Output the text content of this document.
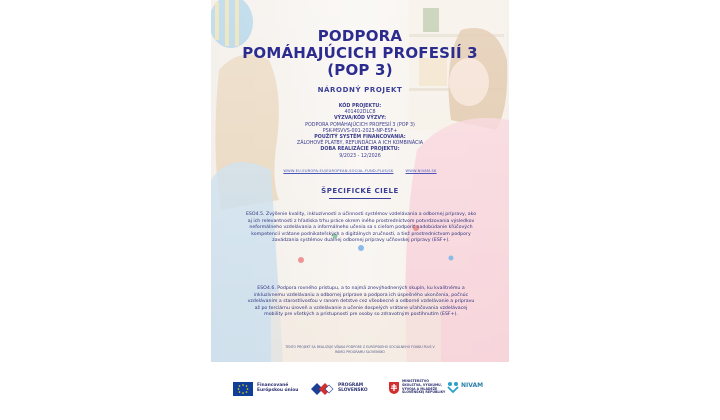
PODPORA
POMÁHAJÚCICH PROFESIÍ 3
(POP 3)
NÁRODNÝ PROJEKT
KÓD PROJEKTU:
401402DLC8
VÝZVA/KÓD VÝZVY:
PODPORA POMÁHAJÚCICH PROFESIÍ 3 (POP 3)
PSK-MSVVS-001-2023-NP-ESF+
POUŽITÝ SYSTÉM FINANCOVANIA:
ZÁLOHOVÉ PLATBY, REFUNDÁCIA A ICH KOMBINÁCIA
DOBA REALIZÁCIE PROJEKTU:
9/2023 - 12/2026
WWW.EU-EUROPA.EU/EUROPEAN-SOCIAL-FUND-PLUS/SK	WWW.NIVAM.SK
ŠPECIFICKÉ CIELE
ESO4.5. Zvýšenie kvality, inkluzívnosti a účinnosti systémov vzdelávania a odbornej prípravy, ako aj ich relevantnosti z hľadiska trhu práce okrem iného prostredníctvom potvrdzovania výsledkov neformálneho vzdelávania a informálneho učenia sa s cieľom podporiť nadobúdanie kľúčových kompetencií vrátane podnikateľských a digitálnych zručností, a tiež prostredníctvom podpory zavádzania systémov duálnej odbornej prípravy učňovskej prípravy (ESF+).
ESO4.6. Podpora rovného prístupu, a to najmä znevýhodnených skupín, ku kvalitnému a inkluzívnemu vzdelávaniu a odbornej príprave a podpora ich úspešného ukončenia, počnúc vzdelávaním a starostlivosťou v ranom detstve cez všeobecné a odborné vzdelávanie a prípravu až po terciárnu úroveň a vzdelávanie a učenie dospelých vrátane uľahčovania vzdelávacej mobility pre všetkých a prístupnosti pre osoby so zdravotným postihnutím (ESF+).
TENTO PROJEKT SA REALIZUJE VĎAKA PODPORE Z EURÓPSKEHO SOCIÁLNEHO FONDU PLUS V RÁMCI PROGRAMU SLOVENSKO
Financované
Európskou úniou
PROGRAM
SLOVENSKO
MINISTERSTVO
ŠKOLSTVA, VÝSKUMU,
VÝVOJA A MLÁDEŽE
SLOVENSKEJ REPUBLIKY
NIVAM
